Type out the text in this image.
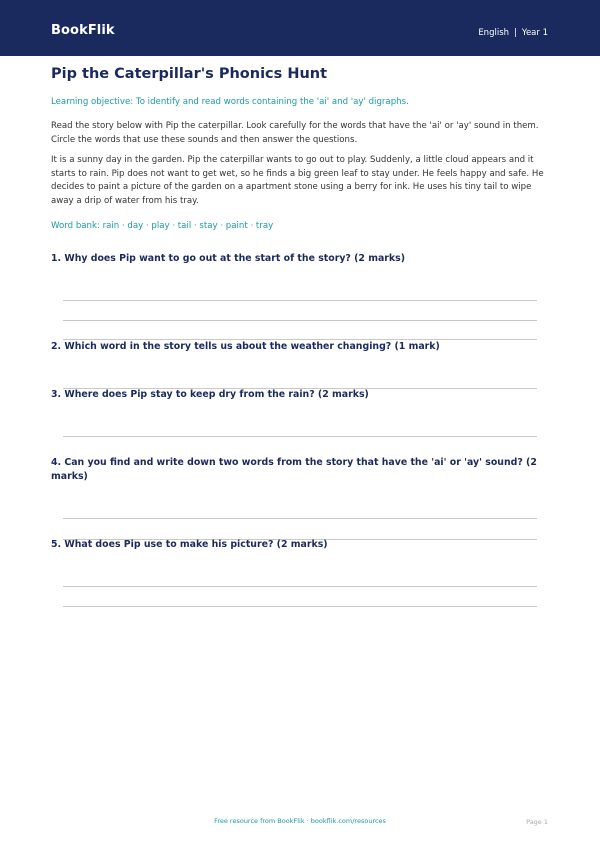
BookFlik	English | Year 1
Pip the Caterpillar's Phonics Hunt
Learning objective: To identify and read words containing the 'ai' and 'ay' digraphs.
Read the story below with Pip the caterpillar. Look carefully for the words that have the 'ai' or 'ay' sound in them. Circle the words that use these sounds and then answer the questions.
It is a sunny day in the garden. Pip the caterpillar wants to go out to play. Suddenly, a little cloud appears and it starts to rain. Pip does not want to get wet, so he finds a big green leaf to stay under. He feels happy and safe. He decides to paint a picture of the garden on a apartment stone using a berry for ink. He uses his tiny tail to wipe away a drip of water from his tray.
Word bank: rain · day · play · tail · stay · paint · tray
1. Why does Pip want to go out at the start of the story? (2 marks)
2. Which word in the story tells us about the weather changing? (1 mark)
3. Where does Pip stay to keep dry from the rain? (2 marks)
4. Can you find and write down two words from the story that have the 'ai' or 'ay' sound? (2 marks)
5. What does Pip use to make his picture? (2 marks)
Free resource from BookFlik · bookflik.com/resources	Page 1
